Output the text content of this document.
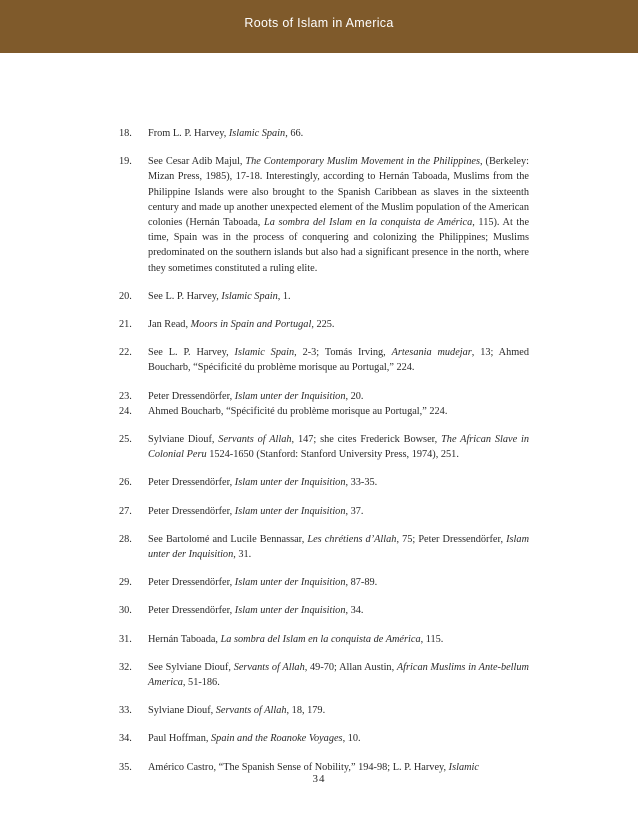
Roots of Islam in America
18. From L. P. Harvey, Islamic Spain, 66.
19. See Cesar Adib Majul, The Contemporary Muslim Movement in the Philippines, (Berkeley: Mizan Press, 1985), 17-18. Interestingly, according to Hernán Taboada, Muslims from the Philippine Islands were also brought to the Spanish Caribbean as slaves in the sixteenth century and made up another unexpected element of the Muslim population of the American colonies (Hernán Taboada, La sombra del Islam en la conquista de América, 115). At the time, Spain was in the process of conquering and colonizing the Philippines; Muslims predominated on the southern islands but also had a significant presence in the north, where they sometimes constituted a ruling elite.
20. See L. P. Harvey, Islamic Spain, 1.
21. Jan Read, Moors in Spain and Portugal, 225.
22. See L. P. Harvey, Islamic Spain, 2-3; Tomás Irving, Artesania mudejar, 13; Ahmed Boucharb, “Spécificité du problème morisque au Portugal,” 224.
23. Peter Dressendörfer, Islam unter der Inquisition, 20.
24. Ahmed Boucharb, “Spécificité du problème morisque au Portugal,” 224.
25. Sylviane Diouf, Servants of Allah, 147; she cites Frederick Bowser, The African Slave in Colonial Peru 1524-1650 (Stanford: Stanford University Press, 1974), 251.
26. Peter Dressendörfer, Islam unter der Inquisition, 33-35.
27. Peter Dressendörfer, Islam unter der Inquisition, 37.
28. See Bartolomé and Lucile Bennassar, Les chrétiens d’Allah, 75; Peter Dressendörfer, Islam unter der Inquisition, 31.
29. Peter Dressendörfer, Islam unter der Inquisition, 87-89.
30. Peter Dressendörfer, Islam unter der Inquisition, 34.
31. Hernán Taboada, La sombra del Islam en la conquista de América, 115.
32. See Sylviane Diouf, Servants of Allah, 49-70; Allan Austin, African Muslims in Ante-bellum America, 51-186.
33. Sylviane Diouf, Servants of Allah, 18, 179.
34. Paul Hoffman, Spain and the Roanoke Voyages, 10.
35. Américo Castro, “The Spanish Sense of Nobility,” 194-98; L. P. Harvey, Islamic
34
